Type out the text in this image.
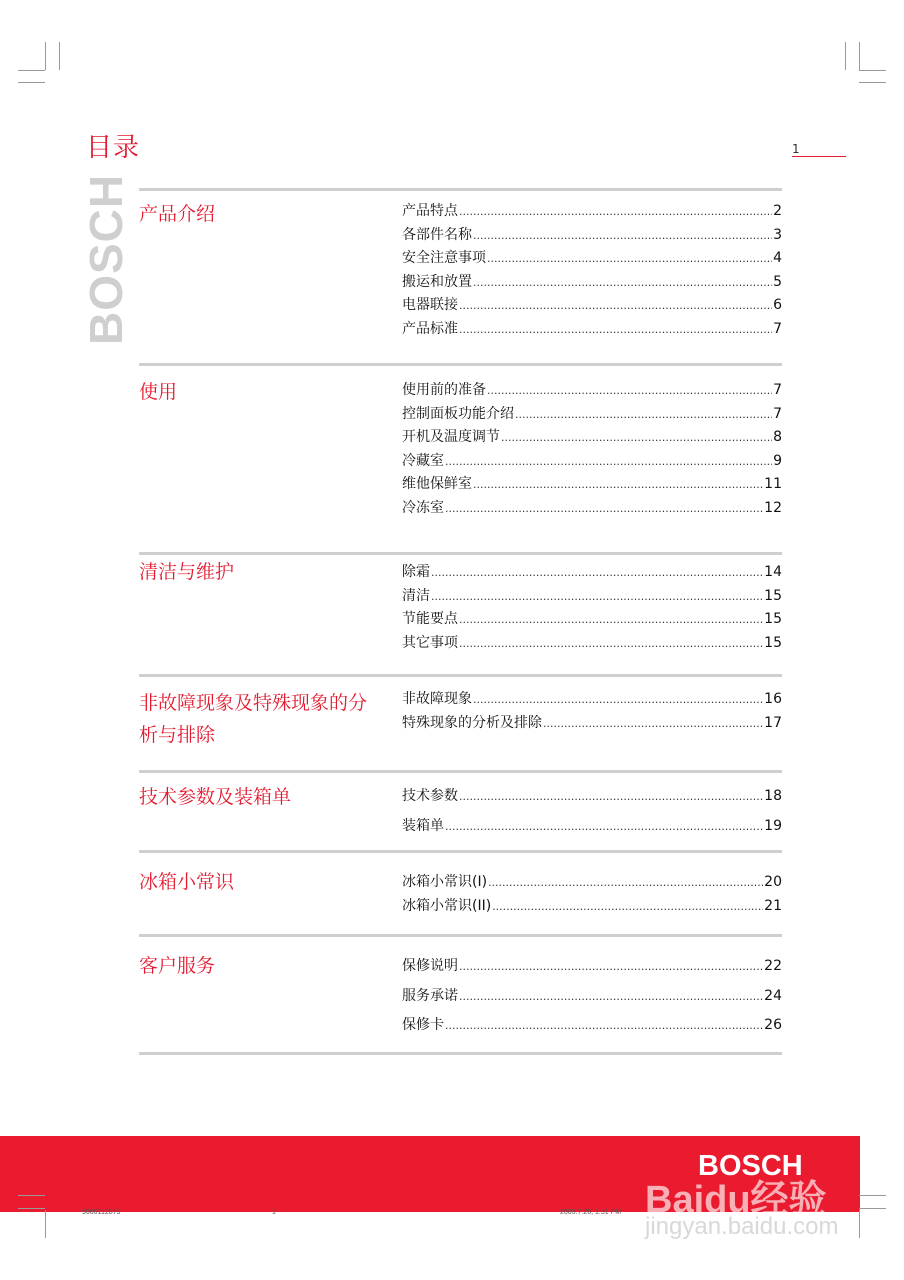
目录	1
BOSCH 产品介绍	产品特点 .....	2
各部件名称 .....	3
安全注意事项 .....	4
搬运和放置 .....	5
电器联接 .....	6
产品标准 .....	7
使用	使用前的准备 .....	7
控制面板功能介绍 .....	7
开机及温度调节 .....	8
冷藏室 .....	9
维他保鲜室 .....	11
冷冻室 .....	12
清洁与维护	除霜 .....	14
清洁 .....	15
节能要点 .....	15
其它事项 .....	15
非故障现象及特殊现象的分析与排除
非故障现象 .....	16
特殊现象的分析及排除 .....	17
技术参数及装箱单	技术参数 .....	18
装箱单 .....	19
冰箱小常识	冰箱小常识(I) .....	20
冰箱小常识(II) .....	21
客户服务	保修说明 .....	22
服务承诺 .....	24
保修卡 .....	26
BOSCH
Baidu经验
jingyan.baidu.com
9000112875	1	2005.7.26, 1:51 PM
